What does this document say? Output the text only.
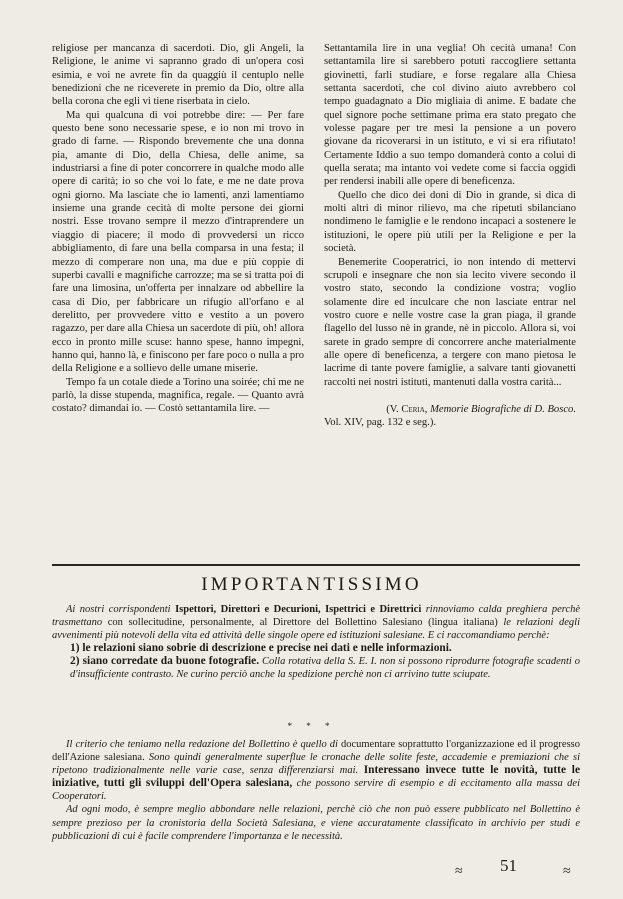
religiose per mancanza di sacerdoti. Dio, gli Angeli, la Religione, le anime vi sapranno grado di un'opera così esimia, e voi ne avrete fin da quaggiù il centuplo nelle benedizioni che ne riceverete in premio da Dio, oltre alla bella corona che egli vi tiene riserbata in cielo.

Ma qui qualcuna di voi potrebbe dire: — Per fare questo bene sono necessarie spese, e io non mi trovo in grado di farne. — Rispondo brevemente che una donna pia, amante di Dio, della Chiesa, delle anime, sa industriarsi a fine di poter concorrere in qualche modo alle opere di carità; io so che voi lo fate, e me ne date prova ogni giorno. Ma lasciate che io lamenti, anzi lamentiamo insieme una grande cecità di molte persone dei giorni nostri. Esse trovano sempre il mezzo d'intraprendere un viaggio di piacere; il modo di provvedersi un ricco abbigliamento, di fare una bella comparsa in una festa; il mezzo di comperare non una, ma due e più coppie di superbi cavalli e magnifiche carrozze; ma se si tratta poi di fare una limosina, un'offerta per innalzare od abbellire la casa di Dio, per fabbricare un rifugio all'orfano e al derelitto, per provvedere vitto e vestito a un povero ragazzo, per dare alla Chiesa un sacerdote di più, oh! allora ecco in pronto mille scuse: hanno spese, hanno impegni, hanno qui, hanno là, e finiscono per fare poco o nulla a pro della Religione e a sollievo delle umane miserie.

Tempo fa un cotale diede a Torino una soirée; chi me ne parlò, la disse stupenda, magnifica, regale. — Quanto avrà costato? dimandai io. — Costò settantamila lire. —

Settantamila lire in una veglia! Oh cecità umana! Con settantamila lire si sarebbero potuti raccogliere settanta giovinetti, farli studiare, e forse regalare alla Chiesa settanta sacerdoti, che col divino aiuto avrebbero col tempo guadagnato a Dio migliaia di anime. E badate che quel signore poche settimane prima era stato pregato che volesse pagare per tre mesi la pensione a un povero giovane da ricoverarsi in un istituto, e vi si era rifiutato! Certamente Iddio a suo tempo domanderà conto a colui di quella serata; ma intanto voi vedete come si faccia oggidì per rendersi inabili alle opere di beneficenza.

Quello che dico dei doni di Dio in grande, si dica di molti altri di minor rilievo, ma che ripetuti sbilanciano nondimeno le famiglie e le rendono incapaci a sostenere le istituzioni, le opere più utili per la Religione e per la società.

Benemerite Cooperatrici, io non intendo di mettervi scrupoli e insegnare che non sia lecito vivere secondo il vostro stato, secondo la condizione vostra; voglio solamente dire ed inculcare che non lasciate entrar nel vostro cuore e nelle vostre case la gran piaga, il grande flagello del lusso nè in grande, nè in piccolo. Allora sì, voi sarete in grado sempre di concorrere anche materialmente alle opere di beneficenza, a tergere con mano pietosa le lacrime di tante povere famiglie, a salvare tanti giovanetti raccolti nei nostri istituti, mantenuti dalla vostra carità...

(V. Ceria, Memorie Biografiche di D. Bosco.

Vol. XIV, pag. 132 e seg.).

IMPORTANTISSIMO
Ai nostri corrispondenti Ispettori, Direttori e Decurioni, Ispettrici e Direttrici rinnoviamo calda preghiera perchè trasmettano con sollecitudine, personalmente, al Direttore del Bollettino Salesiano (lingua italiana) le relazioni degli avvenimenti più notevoli della vita ed attività delle singole opere ed istituzioni salesiane. E ci raccomandiamo perchè:
1) le relazioni siano sobrie di descrizione e precise nei dati e nelle informazioni.
2) siano corredate da buone fotografie. Colla rotativa della S. E. I. non si possono riprodurre fotografie scadenti o d'insufficiente contrasto. Ne curino perciò anche la spedizione perchè non ci arrivino tutte sciupate.
* * *
Il criterio che teniamo nella redazione del Bollettino è quello di documentare soprattutto l'organizzazione ed il progresso dell'Azione salesiana. Sono quindi generalmente superflue le cronache delle solite feste, accademie e premiazioni che si ripetono tradizionalmente nelle varie case, senza differenziarsi mai. Interessano invece tutte le novità, tutte le iniziative, tutti gli sviluppi dell'Opera salesiana, che possono servire di esempio e di eccitamento alla massa dei Cooperatori.
Ad ogni modo, è sempre meglio abbondare nelle relazioni, perchè ciò che non può essere pubblicato nel Bollettino è sempre prezioso per la cronistoria della Società Salesiana, e viene accuratamente classificato in archivio per studi e pubblicazioni di cui è facile comprendere l'importanza e le necessità.
≈ 51	≈
